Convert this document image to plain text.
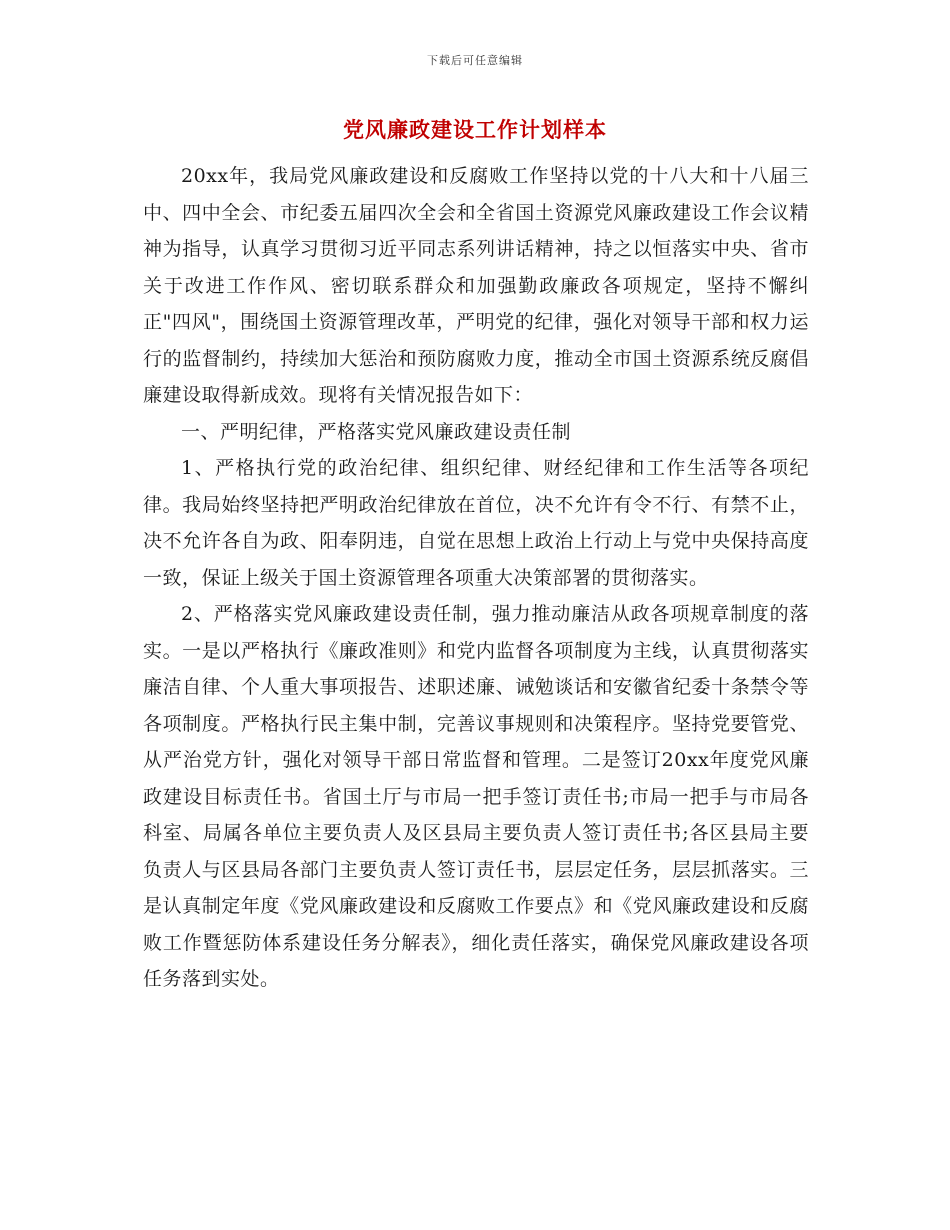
下载后可任意编辑
党风廉政建设工作计划样本

20xx年，我局党风廉政建设和反腐败工作坚持以党的十八大和十八届三中、四中全会、市纪委五届四次全会和全省国土资源党风廉政建设工作会议精神为指导，认真学习贯彻习近平同志系列讲话精神，持之以恒落实中央、省市关于改进工作作风、密切联系群众和加强勤政廉政各项规定，坚持不懈纠正"四风"，围绕国土资源管理改革，严明党的纪律，强化对领导干部和权力运行的监督制约，持续加大惩治和预防腐败力度，推动全市国土资源系统反腐倡廉建设取得新成效。现将有关情况报告如下：

一、严明纪律，严格落实党风廉政建设责任制

1、严格执行党的政治纪律、组织纪律、财经纪律和工作生活等各项纪律。我局始终坚持把严明政治纪律放在首位，决不允许有令不行、有禁不止，决不允许各自为政、阳奉阴违，自觉在思想上政治上行动上与党中央保持高度一致，保证上级关于国土资源管理各项重大决策部署的贯彻落实。

2、严格落实党风廉政建设责任制，强力推动廉洁从政各项规章制度的落实。一是以严格执行《廉政准则》和党内监督各项制度为主线，认真贯彻落实廉洁自律、个人重大事项报告、述职述廉、诫勉谈话和安徽省纪委十条禁令等各项制度。严格执行民主集中制，完善议事规则和决策程序。坚持党要管党、从严治党方针，强化对领导干部日常监督和管理。二是签订20xx年度党风廉政建设目标责任书。省国土厅与市局一把手签订责任书;市局一把手与市局各科室、局属各单位主要负责人及区县局主要负责人签订责任书;各区县局主要负责人与区县局各部门主要负责人签订责任书，层层定任务，层层抓落实。三是认真制定年度《党风廉政建设和反腐败工作要点》和《党风廉政建设和反腐败工作暨惩防体系建设任务分解表》，细化责任落实，确保党风廉政建设各项任务落到实处。
